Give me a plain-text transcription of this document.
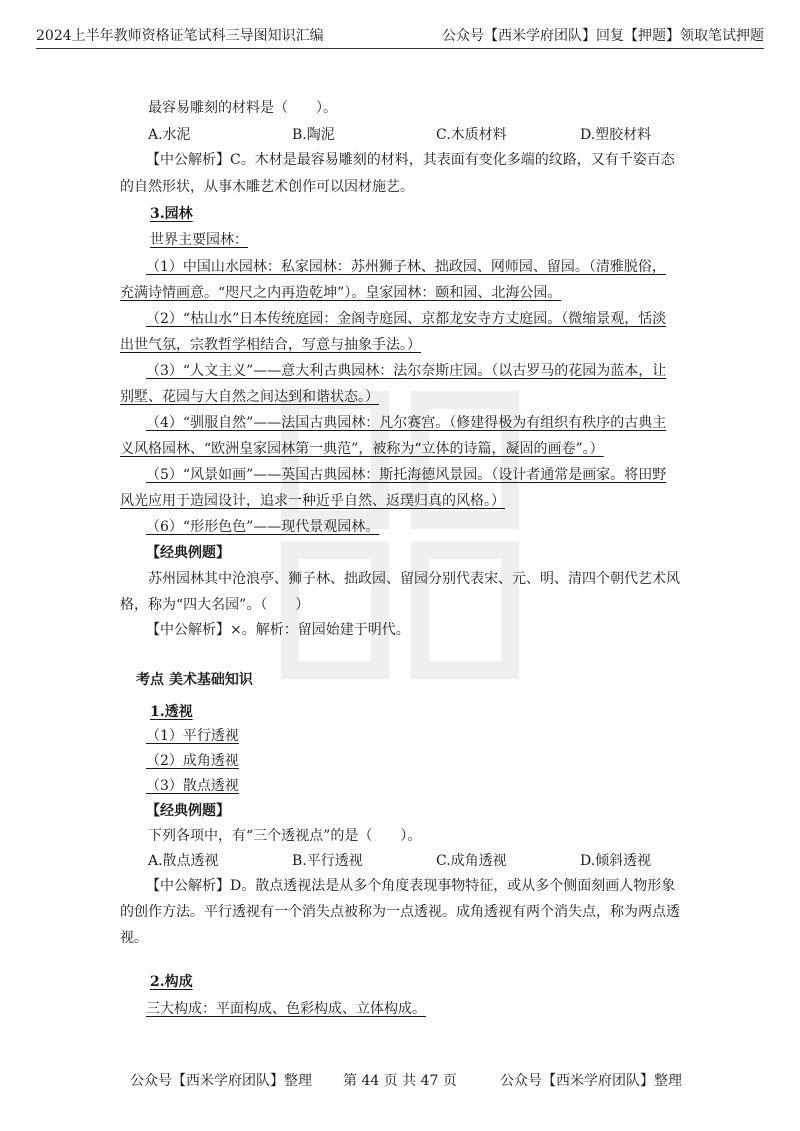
2024上半年教师资格证笔试科三导图知识汇编	公众号【西米学府团队】回复【押题】领取笔试押题
最容易雕刻的材料是（　　）。
A.水泥	B.陶泥	C.木质材料	D.塑胶材料
【中公解析】C。木材是最容易雕刻的材料，其表面有变化多端的纹路，又有千姿百态
的自然形状，从事木雕艺术创作可以因材施艺。
3.园林
世界主要园林：
（1）中国山水园林：私家园林：苏州狮子林、拙政园、网师园、留园。（清雅脱俗，
充满诗情画意。“咫尺之内再造乾坤”）。皇家园林：颐和园、北海公园。
（2）“枯山水”日本传统庭园：金阁寺庭园、京都龙安寺方丈庭园。（微缩景观，恬淡
出世气氛，宗教哲学相结合，写意与抽象手法。）
（3）“人文主义”——意大利古典园林：法尔奈斯庄园。（以古罗马的花园为蓝本，让
别墅、花园与大自然之间达到和谐状态。）
（4）“驯服自然”——法国古典园林：凡尔赛宫。（修建得极为有组织有秩序的古典主
义风格园林、“欧洲皇家园林第一典范”，被称为“立体的诗篇，凝固的画卷”。）
（5）“风景如画”——英国古典园林：斯托海德风景园。（设计者通常是画家。将田野
风光应用于造园设计，追求一种近乎自然、返璞归真的风格。）
（6）“形形色色”——现代景观园林。
【经典例题】
苏州园林其中沧浪亭、狮子林、拙政园、留园分别代表宋、元、明、清四个朝代艺术风
格，称为“四大名园”。（　　）
【中公解析】×。解析：留园始建于明代。
考点 美术基础知识
1.透视
（1）平行透视
（2）成角透视
（3）散点透视
【经典例题】
下列各项中，有“三个透视点”的是（　　）。
A.散点透视	B.平行透视	C.成角透视	D.倾斜透视
【中公解析】D。散点透视法是从多个角度表现事物特征，或从多个侧面刻画人物形象
的创作方法。平行透视有一个消失点被称为一点透视。成角透视有两个消失点，称为两点透
视。
2.构成
三大构成：平面构成、色彩构成、立体构成。
公众号【西米学府团队】整理 第 44 页 共 47 页	公众号【西米学府团队】整理
